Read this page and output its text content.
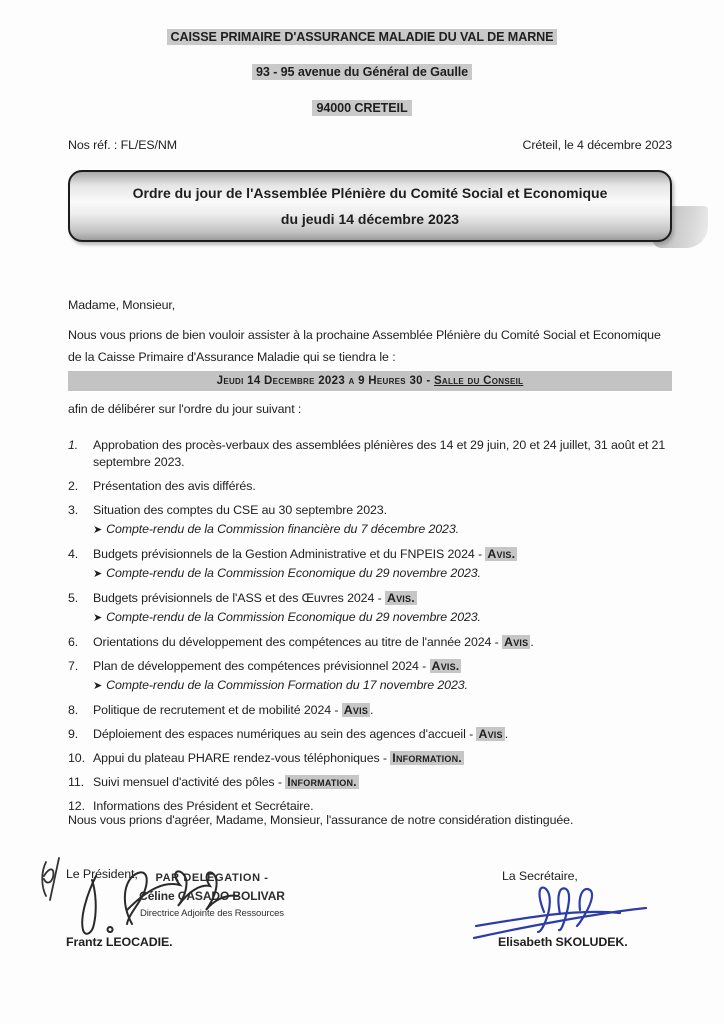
CAISSE PRIMAIRE D'ASSURANCE MALADIE DU VAL DE MARNE
93 - 95 avenue du Général de Gaulle
94000 CRETEIL
Nos réf. : FL/ES/NM	Créteil, le 4 décembre 2023
Ordre du jour de l'Assemblée Plénière du Comité Social et Economique
du jeudi 14 décembre 2023

Madame, Monsieur,

Nous vous prions de bien vouloir assister à la prochaine Assemblée Plénière du Comité Social et Economique de la Caisse Primaire d'Assurance Maladie qui se tiendra le :

Jeudi 14 Decembre 2023 a 9 Heures 30 - Salle du Conseil

afin de délibérer sur l'ordre du jour suivant :

1.	Approbation des procès-verbaux des assemblées plénières des 14 et 29 juin, 20 et 24 juillet, 31 août et 21 septembre 2023.
2.	Présentation des avis différés.
3.	Situation des comptes du CSE au 30 septembre 2023.
➤ Compte-rendu de la Commission financière du 7 décembre 2023.
4.	Budgets prévisionnels de la Gestion Administrative et du FNPEIS 2024 - Avis.
➤ Compte-rendu de la Commission Economique du 29 novembre 2023.
5.	Budgets prévisionnels de l'ASS et des Œuvres 2024 - Avis.
➤ Compte-rendu de la Commission Economique du 29 novembre 2023.
6.	Orientations du développement des compétences au titre de l'année 2024 - Avis .
7.	Plan de développement des compétences prévisionnel 2024 - Avis.
➤ Compte-rendu de la Commission Formation du 17 novembre 2023.
8.	Politique de recrutement et de mobilité 2024 - Avis .
9.	Déploiement des espaces numériques au sein des agences d'accueil - Avis .
10. Appui du plateau PHARE rendez-vous téléphoniques - Information.
11. Suivi mensuel d'activité des pôles - Information.
12. Informations des Président et Secrétaire.

Nous vous prions d'agréer, Madame, Monsieur, l'assurance de notre considération distinguée.

Le Président,	PAR DELEGATION -
Céline CASADO BOLIVAR
Directrice Adjointe des Ressources
Frantz LEOCADIE.
La Secrétaire,
Elisabeth SKOLUDEK.
